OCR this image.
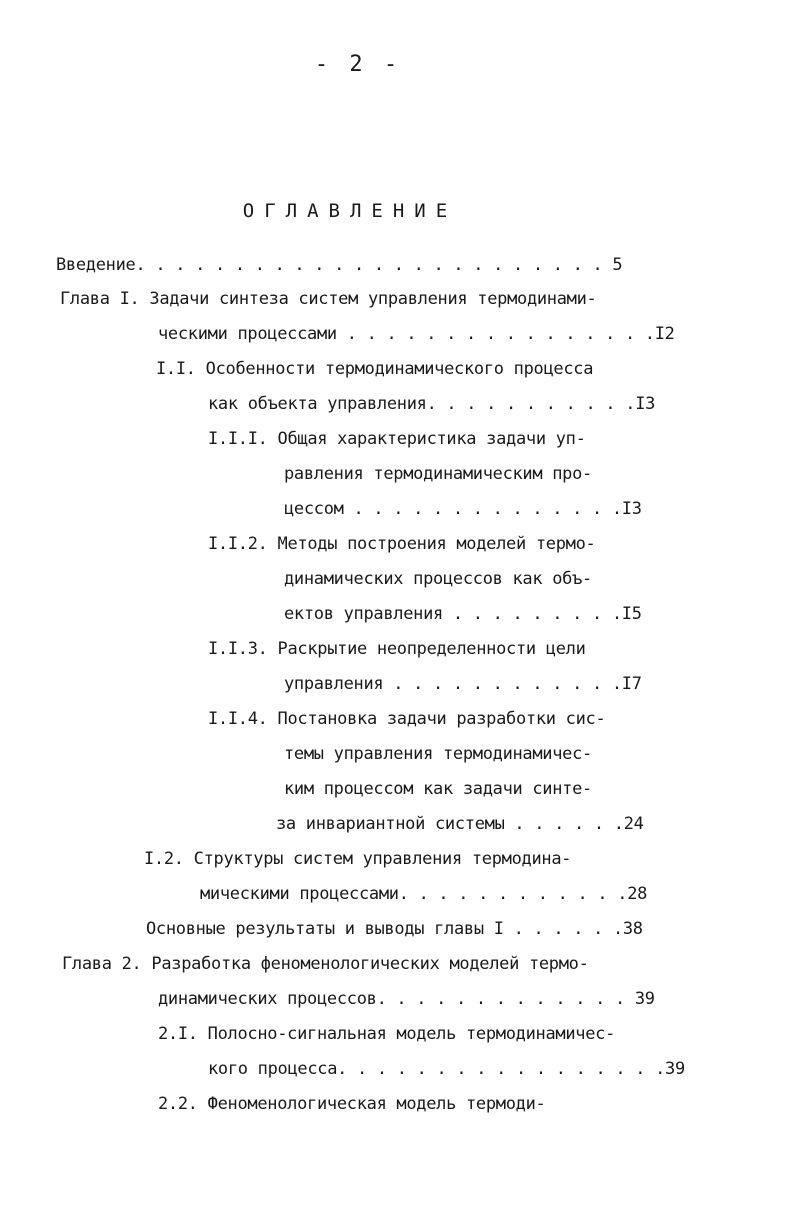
- 2 -
ОГЛАВЛЕНИЕ
Введение. . . . . . . . . . . . . . . . . . . . . . . . 5
Глава I. Задачи синтеза систем управления термодинами-
ческими процессами . . . . . . . . . . . . . . . .I2
I.I. Особенности термодинамического процесса
как объекта управления. . . . . . . . . . .I3
I.I.I. Общая характеристика задачи уп-
равления термодинамическим про-
цессом . . . . . . . . . . . . . .I3
I.I.2. Методы построения моделей термо-
динамических процессов как объ-
ектов управления . . . . . . . . .I5
I.I.3. Раскрытие неопределенности цели
управления . . . . . . . . . . . .I7
I.I.4. Постановка задачи разработки сис-
темы управления термодинамичес-
ким процессом как задачи синте-
за инвариантной системы . . . . . .24
I.2. Структуры систем управления термодина-
мическими процессами. . . . . . . . . . . .28
Основные результаты и выводы главы I . . . . . .38
Глава 2. Разработка феноменологических моделей термо-
динамических процессов. . . . . . . . . . . . . 39
2.I. Полосно-сигнальная модель термодинамичес-
кого процесса. . . . . . . . . . . . . . . . .39
2.2. Феноменологическая модель термоди-
